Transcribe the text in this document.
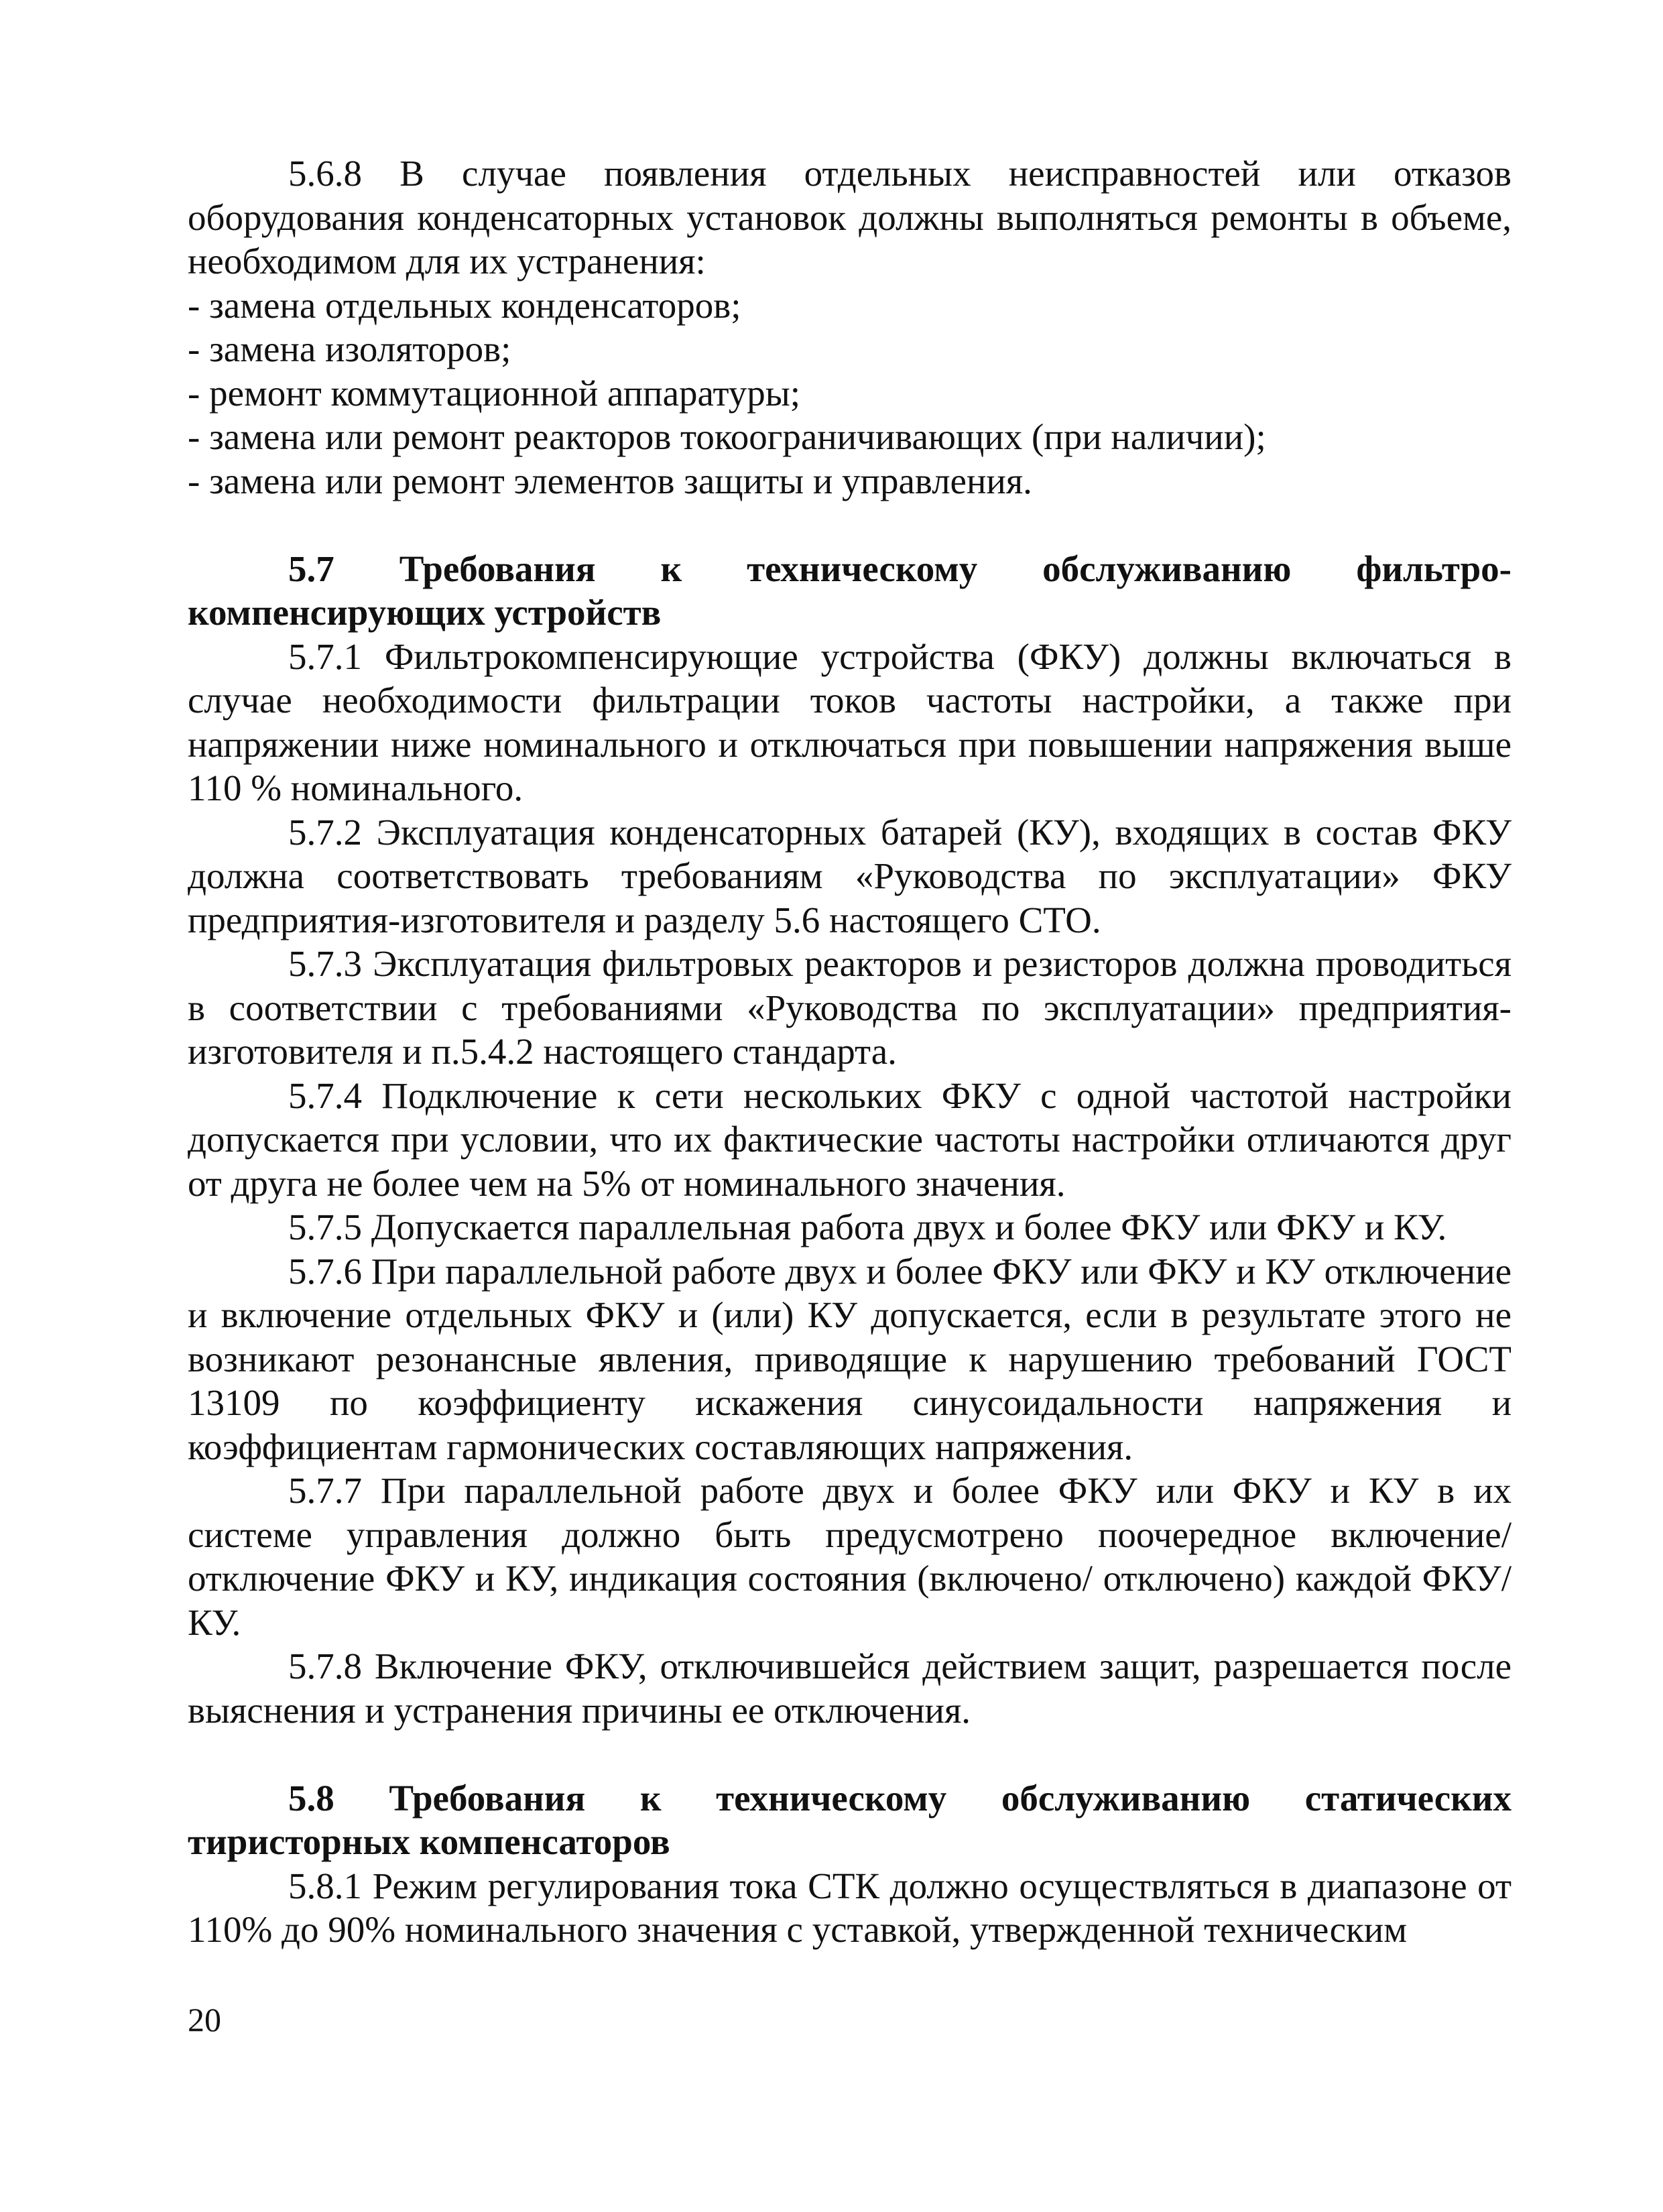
5.6.8 В случае появления отдельных неисправностей или отказов оборудования конденсаторных установок должны выполняться ремонты в объеме, необходимом для их устранения:

- замена отдельных конденсаторов;

- замена изоляторов;

- ремонт коммутационной аппаратуры;

- замена или ремонт реакторов токоограничивающих (при наличии);

- замена или ремонт элементов защиты и управления.

5.7 Требования к техническому обслуживанию фильтро-компенсирующих устройств

5.7.1 Фильтрокомпенсирующие устройства (ФКУ) должны включаться в случае необходимости фильтрации токов частоты настройки, а также при напряжении ниже номинального и отключаться при повышении напряжения выше 110 % номинального.

5.7.2 Эксплуатация конденсаторных батарей (КУ), входящих в состав ФКУ должна соответствовать требованиям «Руководства по эксплуатации» ФКУ предприятия-изготовителя и разделу 5.6 настоящего СТО.

5.7.3 Эксплуатация фильтровых реакторов и резисторов должна проводиться в соответствии с требованиями «Руководства по эксплуатации» предприятия-изготовителя и п.5.4.2 настоящего стандарта.

5.7.4 Подключение к сети нескольких ФКУ с одной частотой настройки допускается при условии, что их фактические частоты настройки отличаются друг от друга не более чем на 5% от номинального значения.

5.7.5 Допускается параллельная работа двух и более ФКУ или ФКУ и КУ.

5.7.6 При параллельной работе двух и более ФКУ или ФКУ и КУ отключение и включение отдельных ФКУ и (или) КУ допускается, если в результате этого не возникают резонансные явления, приводящие к нарушению требований ГОСТ 13109 по коэффициенту искажения синусоидальности напряжения и коэффициентам гармонических составляющих напряжения.

5.7.7 При параллельной работе двух и более ФКУ или ФКУ и КУ в их системе управления должно быть предусмотрено поочередное включение/отключение ФКУ и КУ, индикация состояния (включено/ отключено) каждой ФКУ/КУ.

5.7.8 Включение ФКУ, отключившейся действием защит, разрешается после выяснения и устранения причины ее отключения.

5.8 Требования к техническому обслуживанию статических тиристорных компенсаторов

5.8.1 Режим регулирования тока СТК должно осуществляться в диапазоне от 110% до 90% номинального значения с уставкой, утвержденной техническим

20
